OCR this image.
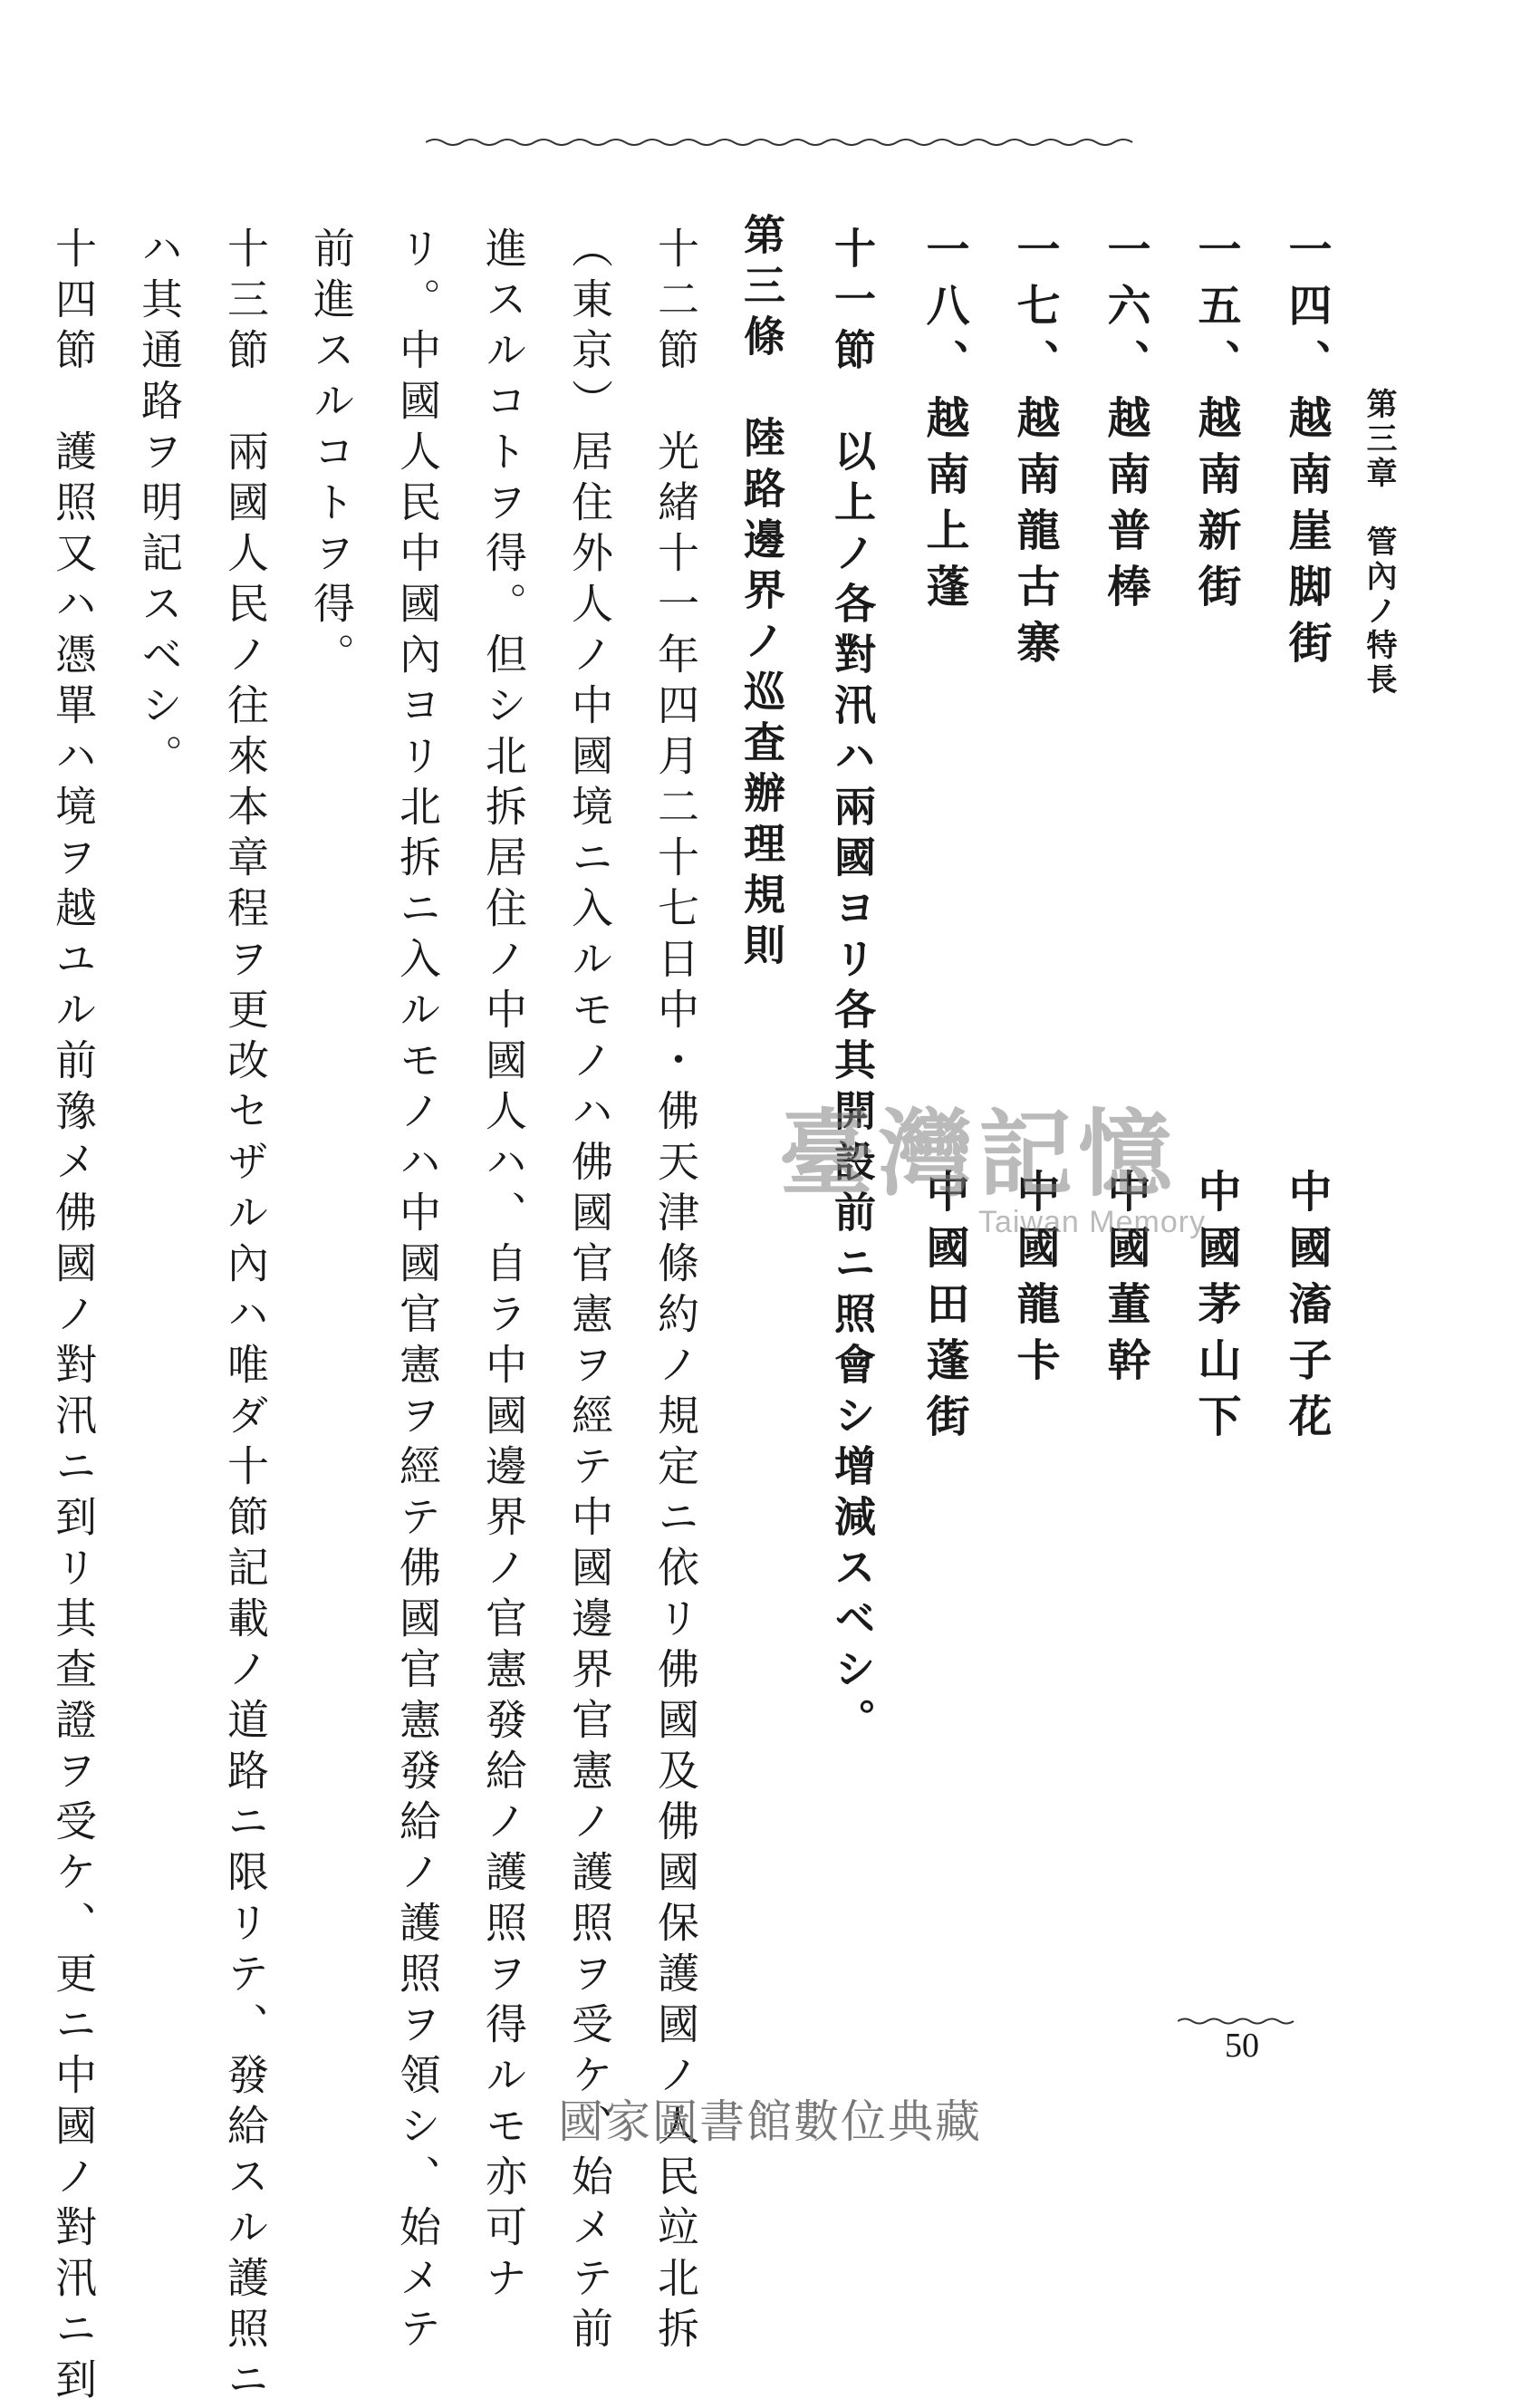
第三章　管內ノ特長
一四、越南崖脚街
一五、越南新街
一六、越南普棒
一七、越南龍古寨
一八、越南上蓬
中國滀子花
中國茅山下
中國董幹
中國龍卡
中國田蓬街
十一節　以上ノ各對汛ハ兩國ヨリ各其開設前ニ照會シ增減スベシ。
第三條　陸路邊界ノ巡査辦理規則
十二節　光緒十一年四月二十七日中・佛天津條約ノ規定ニ依リ佛國及佛國保護國ノ人民竝北拆
（東京）居住外人ノ中國境ニ入ルモノハ佛國官憲ヲ經テ中國邊界官憲ノ護照ヲ受ケ、始メテ前
進スルコトヲ得。但シ北拆居住ノ中國人ハ、自ラ中國邊界ノ官憲發給ノ護照ヲ得ルモ亦可ナ
リ。中國人民中國內ヨリ北拆ニ入ルモノハ中國官憲ヲ經テ佛國官憲發給ノ護照ヲ領シ、始メテ
前進スルコトヲ得。
十三節　兩國人民ノ往來本章程ヲ更改セザル內ハ唯ダ十節記載ノ道路ニ限リテ、發給スル護照ニ
ハ其通路ヲ明記スベシ。
十四節　護照又ハ憑單ハ境ヲ越ユル前豫メ佛國ノ對汛ニ到リ其查證ヲ受ケ、更ニ中國ノ對汛ニ到	臺灣記憶
Taiwan Memory
50
國家圖書館數位典藏
